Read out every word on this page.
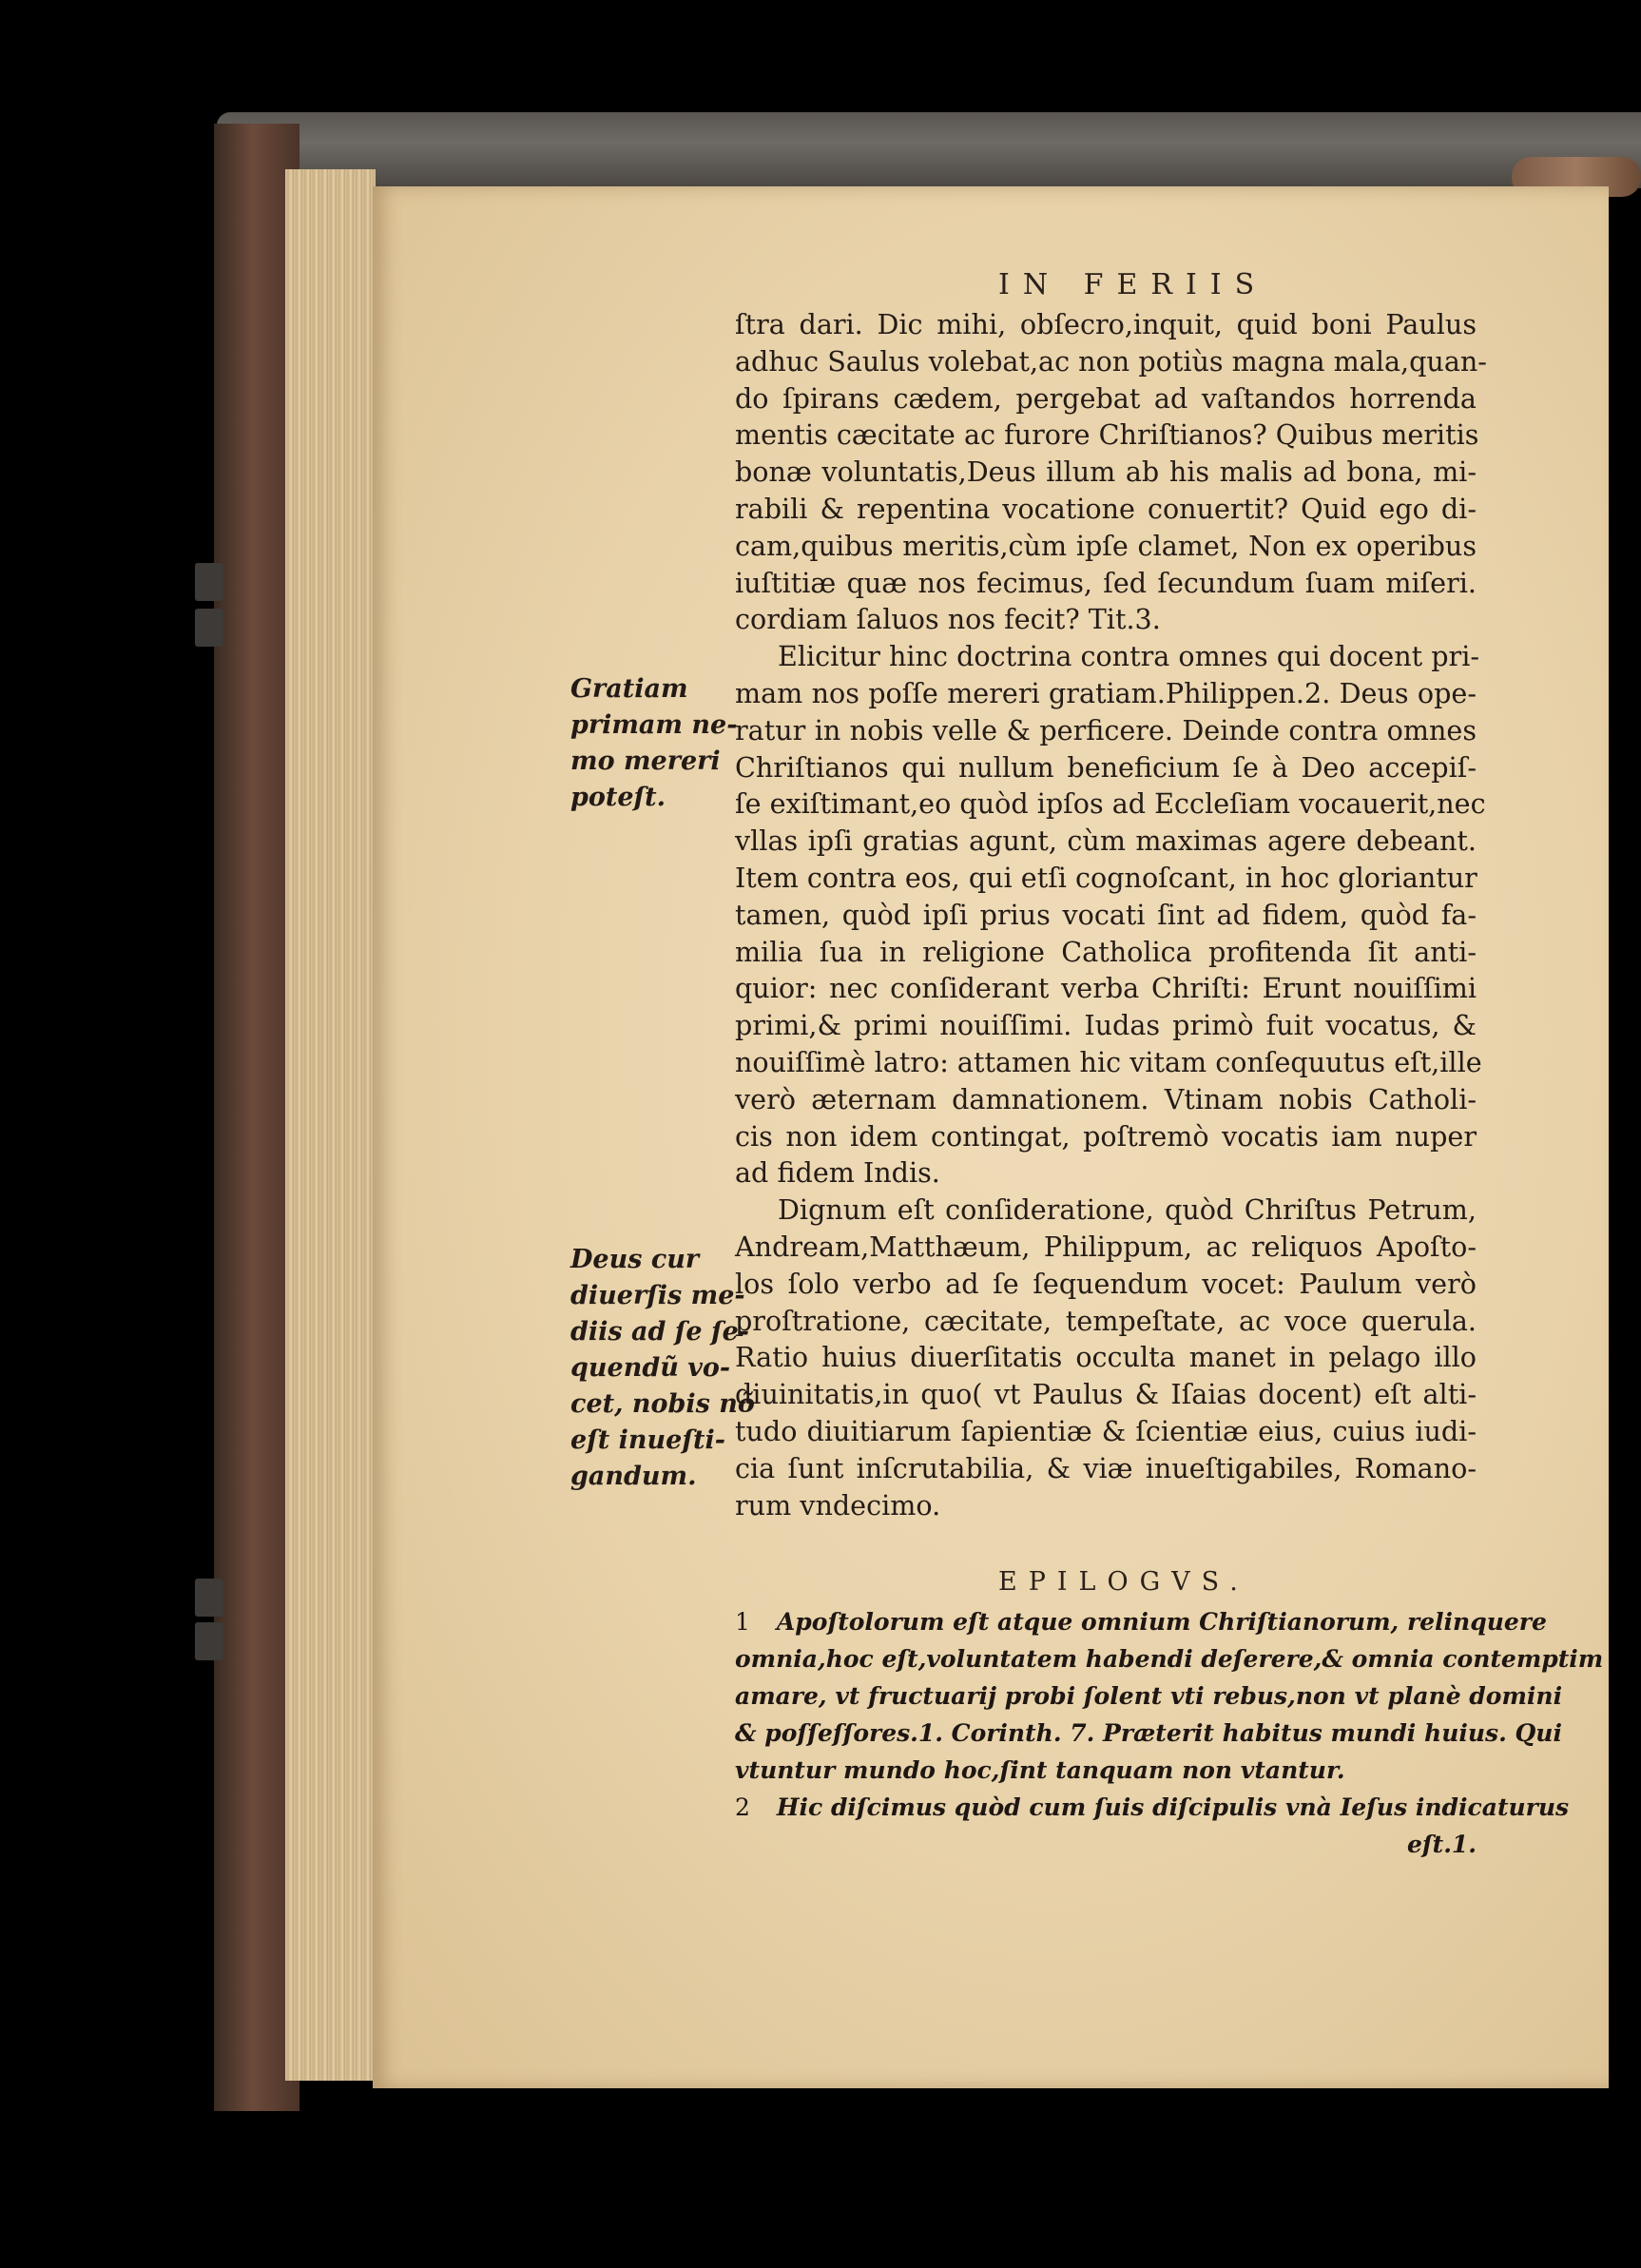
IN FERIIS
ſtra dari. Dic mihi, obſecro,inquit, quid boni Paulus
adhuc Saulus volebat,ac non potiùs magna mala,quan-
do ſpirans cædem, pergebat ad vaſtandos horrenda
mentis cæcitate ac furore Chriſtianos? Quibus meritis
bonæ voluntatis,Deus illum ab his malis ad bona, mi-
rabili & repentina vocatione conuertit? Quid ego di-
cam,quibus meritis,cùm ipſe clamet, Non ex operibus
iuſtitiæ quæ nos fecimus, ſed ſecundum ſuam miſeri.
cordiam ſaluos nos fecit? Tit.3.
Elicitur hinc doctrina contra omnes qui docent pri-
mam nos poſſe mereri gratiam.Philippen.2. Deus ope-
ratur in nobis velle & perficere. Deinde contra omnes
Chriſtianos qui nullum beneficium ſe à Deo accepiſ-
ſe exiſtimant,eo quòd ipſos ad Eccleſiam vocauerit,nec
vllas ipſi gratias agunt, cùm maximas agere debeant.
Item contra eos, qui etſi cognoſcant, in hoc gloriantur
tamen, quòd ipſi prius vocati ſint ad fidem, quòd fa-
milia ſua in religione Catholica profitenda ſit anti-
quior: nec conſiderant verba Chriſti: Erunt nouiſſimi
primi,& primi nouiſſimi. Iudas primò fuit vocatus, &
nouiſſimè latro: attamen hic vitam conſequutus eſt,ille
verò æternam damnationem. Vtinam nobis Catholi-
cis non idem contingat, poſtremò vocatis iam nuper
ad fidem Indis.
Dignum eſt conſideratione, quòd Chriſtus Petrum,
Andream,Matthæum, Philippum, ac reliquos Apoſto-
los ſolo verbo ad ſe ſequendum vocet: Paulum verò
proſtratione, cæcitate, tempeſtate, ac voce querula.
Ratio huius diuerſitatis occulta manet in pelago illo
diuinitatis,in quo( vt Paulus & Iſaias docent) eſt alti-
tudo diuitiarum ſapientiæ & ſcientiæ eius, cuius iudi-
cia ſunt inſcrutabilia, & viæ inueſtigabiles, Romano-
rum vndecimo.
EPILOGVS.
1 Apoſtolorum eſt atque omnium Chriſtianorum, relinquere
omnia,hoc eſt,voluntatem habendi deſerere,& omnia contemptim
amare, vt fructuarij probi ſolent vti rebus,non vt planè domini
& poſſeſſores.1. Corinth. 7. Præterit habitus mundi huius. Qui
vtuntur mundo hoc,ſint tanquam non vtantur.
2 Hic diſcimus quòd cum ſuis diſcipulis vnà Ieſus indicaturus
eſt.1.
Gratiam
primam ne-
mo mereri
poteſt.
Deus cur
diuerſis me-
diis ad ſe ſe-
quendũ vo-
cet, nobis nõ
eſt inueſti-
gandum.
